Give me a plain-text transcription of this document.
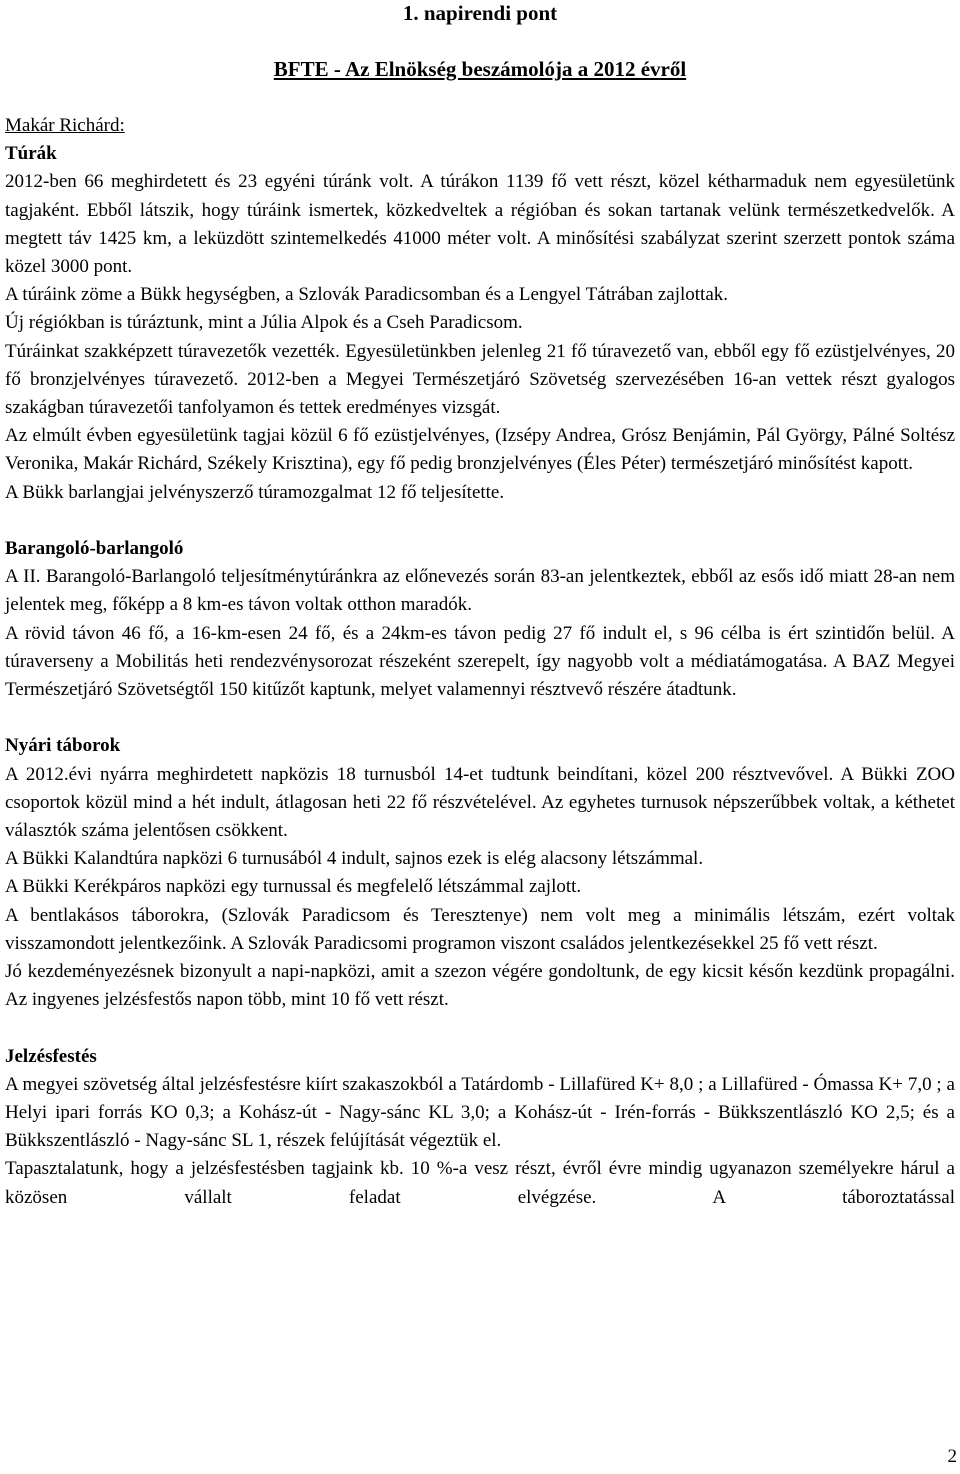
1. napirendi pont
BFTE - Az Elnökség beszámolója a 2012 évről

Makár Richárd:

Túrák

2012-ben 66 meghirdetett és 23 egyéni túránk volt. A túrákon 1139 fő vett részt, közel kétharmaduk nem egyesületünk tagjaként. Ebből látszik, hogy túráink ismertek, közkedveltek a régióban és sokan tartanak velünk természetkedvelők. A megtett táv 1425 km, a leküzdött szintemelkedés 41000 méter volt. A minősítési szabályzat szerint szerzett pontok száma közel 3000 pont.

A túráink zöme a Bükk hegységben, a Szlovák Paradicsomban és a Lengyel Tátrában zajlottak.

Új régiókban is túráztunk, mint a Júlia Alpok és a Cseh Paradicsom.

Túráinkat szakképzett túravezetők vezették. Egyesületünkben jelenleg 21 fő túravezető van, ebből egy fő ezüstjelvényes, 20 fő bronzjelvényes túravezető. 2012-ben a Megyei Természetjáró Szövetség szervezésében 16-an vettek részt gyalogos szakágban túravezetői tanfolyamon és tettek eredményes vizsgát.

Az elmúlt évben egyesületünk tagjai közül 6 fő ezüstjelvényes, (Izsépy Andrea, Grósz Benjámin, Pál György, Pálné Soltész Veronika, Makár Richárd, Székely Krisztina), egy fő pedig bronzjelvényes (Éles Péter) természetjáró minősítést kapott.

A Bükk barlangjai jelvényszerző túramozgalmat 12 fő teljesítette.

Barangoló-barlangoló

A II. Barangoló-Barlangoló teljesítménytúránkra az előnevezés során 83-an jelentkeztek, ebből az esős idő miatt 28-an nem jelentek meg, főképp a 8 km-es távon voltak otthon maradók.

A rövid távon 46 fő, a 16-km-esen 24 fő, és a 24km-es távon pedig 27 fő indult el, s 96 célba is ért szintidőn belül. A túraverseny a Mobilitás heti rendezvénysorozat részeként szerepelt, így nagyobb volt a médiatámogatása. A BAZ Megyei Természetjáró Szövetségtől 150 kitűzőt kaptunk, melyet valamennyi résztvevő részére átadtunk.

Nyári táborok

A 2012.évi nyárra meghirdetett napközis 18 turnusból 14-et tudtunk beindítani, közel 200 résztvevővel. A Bükki ZOO csoportok közül mind a hét indult, átlagosan heti 22 fő részvételével. Az egyhetes turnusok népszerűbbek voltak, a kéthetet választók száma jelentősen csökkent.

A Bükki Kalandtúra napközi 6 turnusából 4 indult, sajnos ezek is elég alacsony létszámmal.

A Bükki Kerékpáros napközi egy turnussal és megfelelő létszámmal zajlott.

A bentlakásos táborokra, (Szlovák Paradicsom és Teresztenye) nem volt meg a minimális létszám, ezért voltak visszamondott jelentkezőink. A Szlovák Paradicsomi programon viszont családos jelentkezésekkel 25 fő vett részt.

Jó kezdeményezésnek bizonyult a napi-napközi, amit a szezon végére gondoltunk, de egy kicsit későn kezdünk propagálni. Az ingyenes jelzésfestős napon több, mint 10 fő vett részt.

Jelzésfestés

A megyei szövetség által jelzésfestésre kiírt szakaszokból a Tatárdomb - Lillafüred K+ 8,0 ; a Lillafüred - Ómassa K+ 7,0 ; a Helyi ipari forrás KO 0,3; a Kohász-út - Nagy-sánc KL 3,0; a Kohász-út - Irén-forrás - Bükkszentlászló KO 2,5; és a Bükkszentlászló - Nagy-sánc SL 1, részek felújítását végeztük el.

Tapasztalatunk, hogy a jelzésfestésben tagjaink kb. 10 %-a vesz részt, évről évre mindig ugyanazon személyekre hárul a közösen vállalt feladat elvégzése. A táboroztatással

2
